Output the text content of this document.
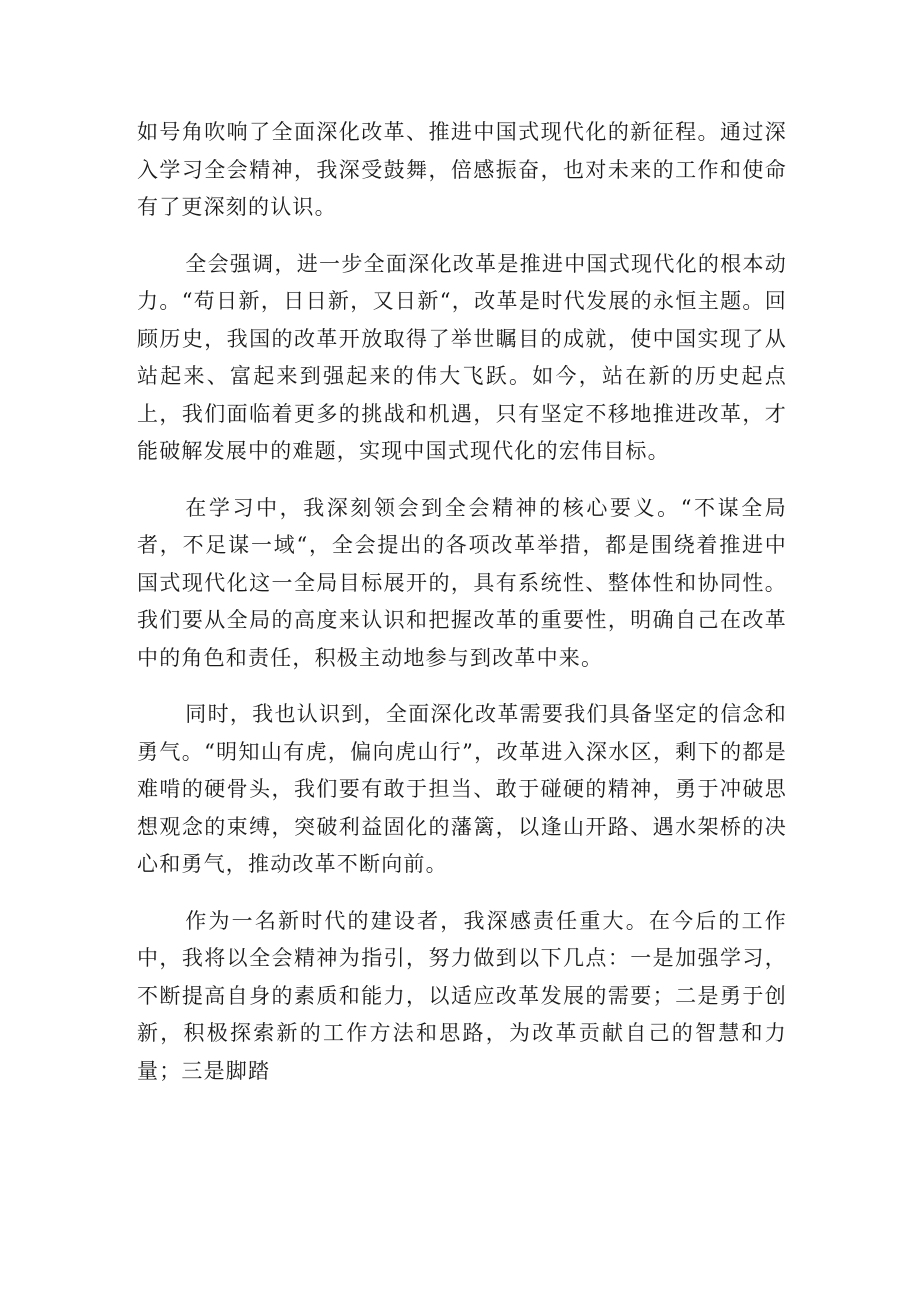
如号角吹响了全面深化改革、推进中国式现代化的新征程。通过深入学习全会精神，我深受鼓舞，倍感振奋，也对未来的工作和使命有了更深刻的认识。

全会强调，进一步全面深化改革是推进中国式现代化的根本动力。“苟日新，日日新，又日新“，改革是时代发展的永恒主题。回顾历史，我国的改革开放取得了举世瞩目的成就，使中国实现了从站起来、富起来到强起来的伟大飞跃。如今，站在新的历史起点上，我们面临着更多的挑战和机遇，只有坚定不移地推进改革，才能破解发展中的难题，实现中国式现代化的宏伟目标。

在学习中，我深刻领会到全会精神的核心要义。“不谋全局者，不足谋一域“，全会提出的各项改革举措，都是围绕着推进中国式现代化这一全局目标展开的，具有系统性、整体性和协同性。我们要从全局的高度来认识和把握改革的重要性，明确自己在改革中的角色和责任，积极主动地参与到改革中来。

同时，我也认识到，全面深化改革需要我们具备坚定的信念和勇气。“明知山有虎，偏向虎山行”，改革进入深水区，剩下的都是难啃的硬骨头，我们要有敢于担当、敢于碰硬的精神，勇于冲破思想观念的束缚，突破利益固化的藩篱，以逢山开路、遇水架桥的决心和勇气，推动改革不断向前。

作为一名新时代的建设者，我深感责任重大。在今后的工作中，我将以全会精神为指引，努力做到以下几点：一是加强学习，不断提高自身的素质和能力，以适应改革发展的需要；二是勇于创新，积极探索新的工作方法和思路，为改革贡献自己的智慧和力量；三是脚踏
